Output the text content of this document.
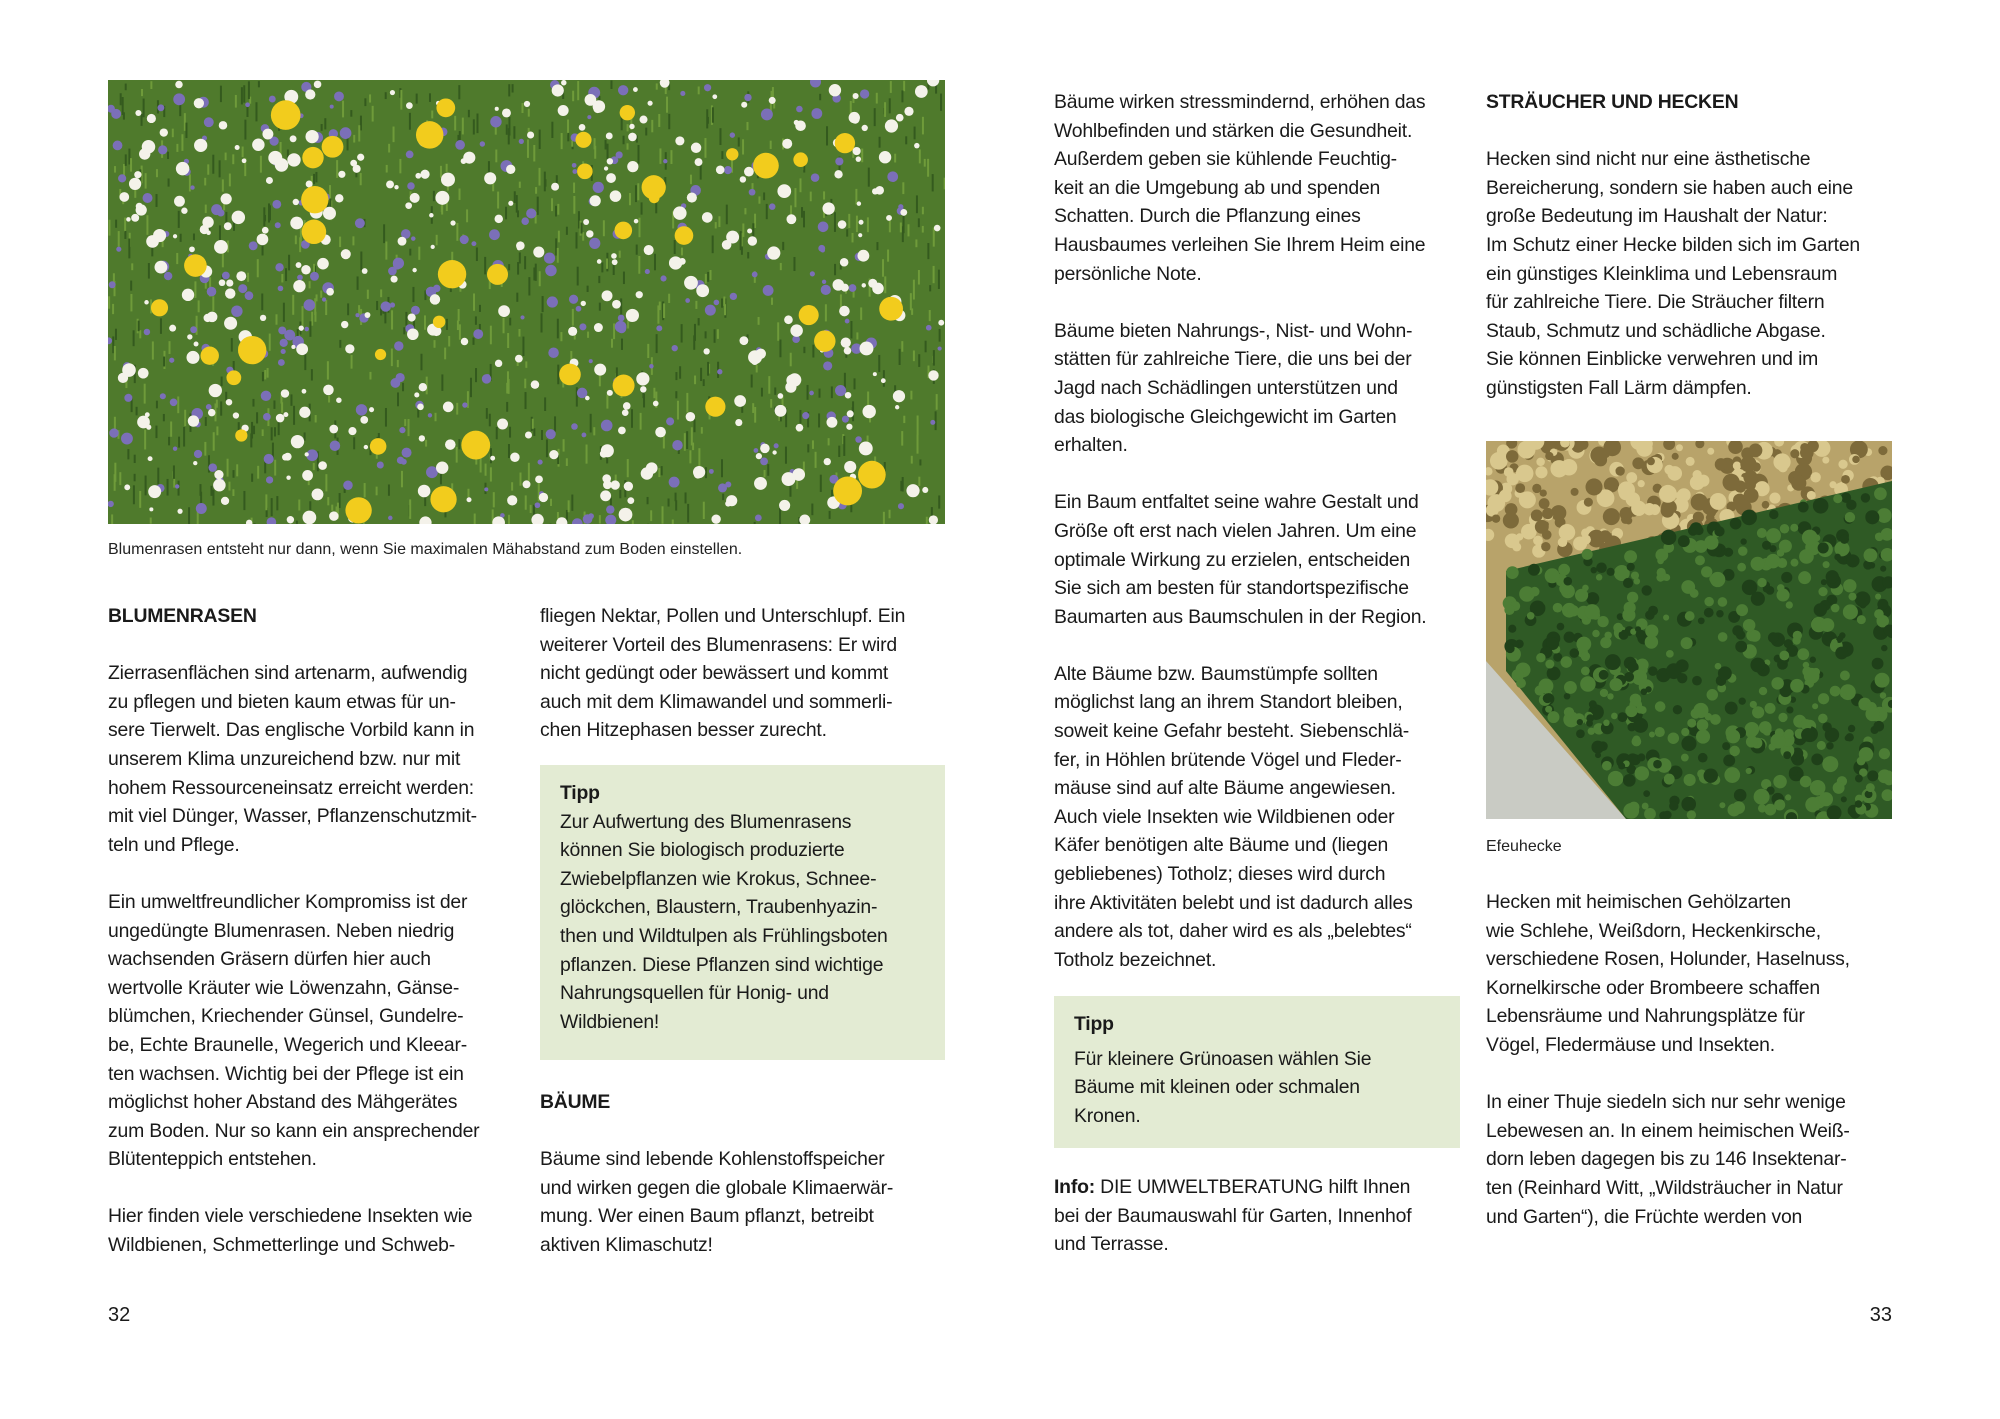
Blumenrasen entsteht nur dann, wenn Sie maximalen Mähabstand zum Boden einstellen.
BLUMENRASEN
Zierrasenflächen sind artenarm, aufwendig
zu pflegen und bieten kaum etwas für un-
sere Tierwelt. Das englische Vorbild kann in
unserem Klima unzureichend bzw. nur mit
hohem Ressourceneinsatz erreicht werden:
mit viel Dünger, Wasser, Pflanzenschutzmit-
teln und Pflege.
Ein umweltfreundlicher Kompromiss ist der
ungedüngte Blumenrasen. Neben niedrig
wachsenden Gräsern dürfen hier auch
wertvolle Kräuter wie Löwenzahn, Gänse-
blümchen, Kriechender Günsel, Gundelre-
be, Echte Braunelle, Wegerich und Kleear-
ten wachsen. Wichtig bei der Pflege ist ein
möglichst hoher Abstand des Mähgerätes
zum Boden. Nur so kann ein ansprechender
Blütenteppich entstehen.
Hier finden viele verschiedene Insekten wie
Wildbienen, Schmetterlinge und Schweb-
fliegen Nektar, Pollen und Unterschlupf. Ein
weiterer Vorteil des Blumenrasens: Er wird
nicht gedüngt oder bewässert und kommt
auch mit dem Klimawandel und sommerli-
chen Hitzephasen besser zurecht.
Tipp
Zur Aufwertung des Blumenrasens
können Sie biologisch produzierte
Zwiebelpflanzen wie Krokus, Schnee-
glöckchen, Blaustern, Traubenhyazin-
then und Wildtulpen als Frühlingsboten
pflanzen. Diese Pflanzen sind wichtige
Nahrungsquellen für Honig- und
Wildbienen!
BÄUME
Bäume sind lebende Kohlenstoffspeicher
und wirken gegen die globale Klimaerwär-
mung. Wer einen Baum pflanzt, betreibt
aktiven Klimaschutz!
32
Bäume wirken stressmindernd, erhöhen das
Wohlbefinden und stärken die Gesundheit.
Außerdem geben sie kühlende Feuchtig-
keit an die Umgebung ab und spenden
Schatten. Durch die Pflanzung eines
Hausbaumes verleihen Sie Ihrem Heim eine
persönliche Note.
Bäume bieten Nahrungs-, Nist- und Wohn-
stätten für zahlreiche Tiere, die uns bei der
Jagd nach Schädlingen unterstützen und
das biologische Gleichgewicht im Garten
erhalten.
Ein Baum entfaltet seine wahre Gestalt und
Größe oft erst nach vielen Jahren. Um eine
optimale Wirkung zu erzielen, entscheiden
Sie sich am besten für standortspezifische
Baumarten aus Baumschulen in der Region.
Alte Bäume bzw. Baumstümpfe sollten
möglichst lang an ihrem Standort bleiben,
soweit keine Gefahr besteht. Siebenschlä-
fer, in Höhlen brütende Vögel und Fleder-
mäuse sind auf alte Bäume angewiesen.
Auch viele Insekten wie Wildbienen oder
Käfer benötigen alte Bäume und (liegen
gebliebenes) Totholz; dieses wird durch
ihre Aktivitäten belebt und ist dadurch alles
andere als tot, daher wird es als „belebtes“
Totholz bezeichnet.
Tipp
Für kleinere Grünoasen wählen Sie
Bäume mit kleinen oder schmalen
Kronen.
Info: DIE UMWELTBERATUNG hilft Ihnen
bei der Baumauswahl für Garten, Innenhof
und Terrasse.
STRÄUCHER UND HECKEN
Hecken sind nicht nur eine ästhetische
Bereicherung, sondern sie haben auch eine
große Bedeutung im Haushalt der Natur:
Im Schutz einer Hecke bilden sich im Garten
ein günstiges Kleinklima und Lebensraum
für zahlreiche Tiere. Die Sträucher filtern
Staub, Schmutz und schädliche Abgase.
Sie können Einblicke verwehren und im
günstigsten Fall Lärm dämpfen.
Efeuhecke
Hecken mit heimischen Gehölzarten
wie Schlehe, Weißdorn, Heckenkirsche,
verschiedene Rosen, Holunder, Haselnuss,
Kornelkirsche oder Brombeere schaffen
Lebensräume und Nahrungsplätze für
Vögel, Fledermäuse und Insekten.
In einer Thuje siedeln sich nur sehr wenige
Lebewesen an. In einem heimischen Weiß-
dorn leben dagegen bis zu 146 Insektenar-
ten (Reinhard Witt, „Wildsträucher in Natur
und Garten“), die Früchte werden von
33
